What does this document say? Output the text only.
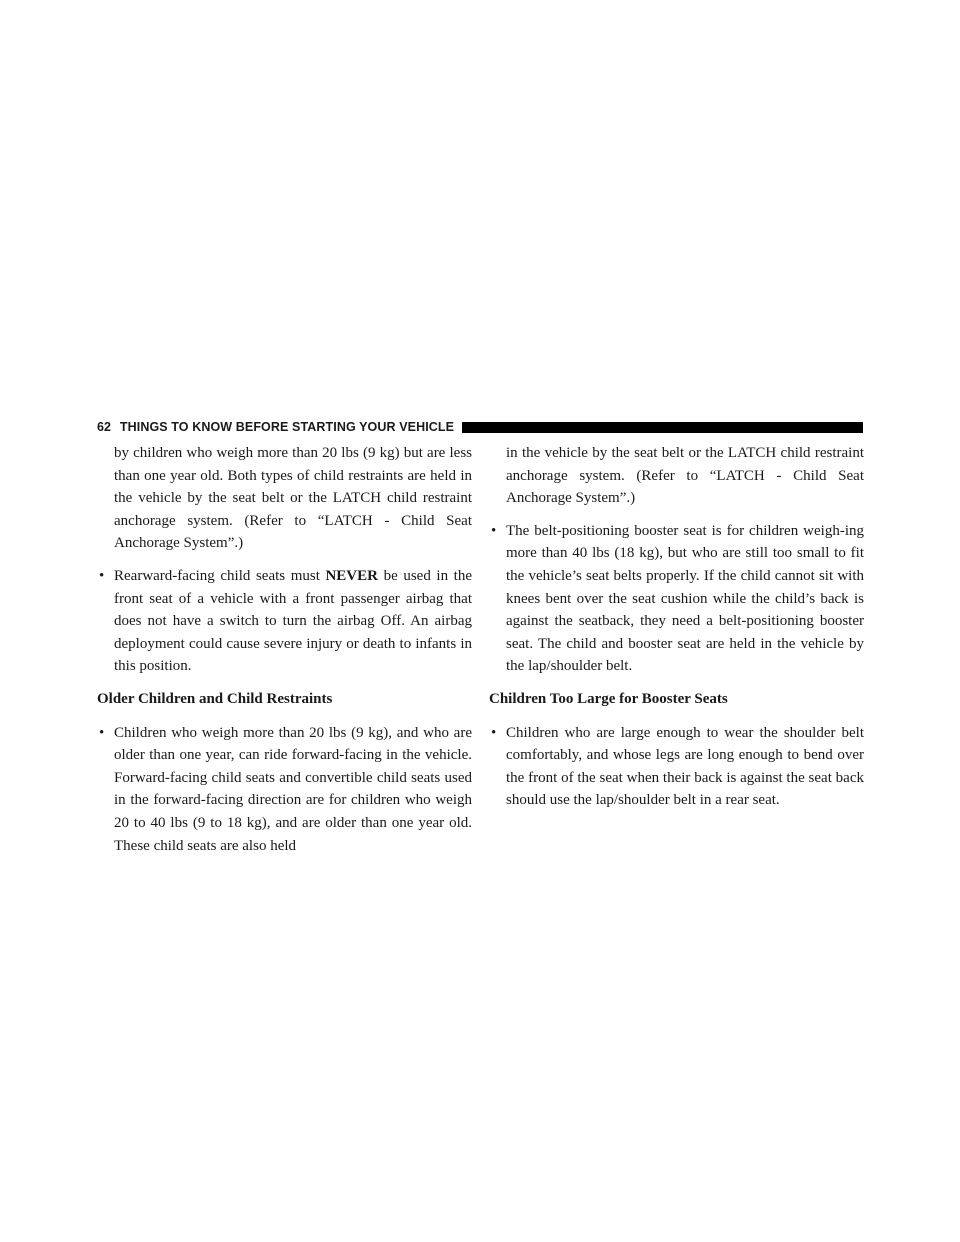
62 THINGS TO KNOW BEFORE STARTING YOUR VEHICLE

by children who weigh more than 20 lbs (9 kg) but are less than one year old. Both types of child restraints are held in the vehicle by the seat belt or the LATCH child restraint anchorage system. (Refer to “LATCH - Child Seat Anchorage System”.)

• Rearward-facing child seats must NEVER be used in the front seat of a vehicle with a front passenger airbag that does not have a switch to turn the airbag Off. An airbag deployment could cause severe injury or death to infants in this position.

Older Children and Child Restraints

• Children who weigh more than 20 lbs (9 kg), and who are older than one year, can ride forward-facing in the vehicle. Forward-facing child seats and convertible child seats used in the forward-facing direction are for children who weigh 20 to 40 lbs (9 to 18 kg), and are older than one year old. These child seats are also held

in the vehicle by the seat belt or the LATCH child restraint anchorage system. (Refer to “LATCH - Child Seat Anchorage System”.)

• The belt-positioning booster seat is for children weigh-ing more than 40 lbs (18 kg), but who are still too small to fit the vehicle’s seat belts properly. If the child cannot sit with knees bent over the seat cushion while the child’s back is against the seatback, they need a belt-positioning booster seat. The child and booster seat are held in the vehicle by the lap/shoulder belt.

Children Too Large for Booster Seats

• Children who are large enough to wear the shoulder belt comfortably, and whose legs are long enough to bend over the front of the seat when their back is against the seat back should use the lap/shoulder belt in a rear seat.
